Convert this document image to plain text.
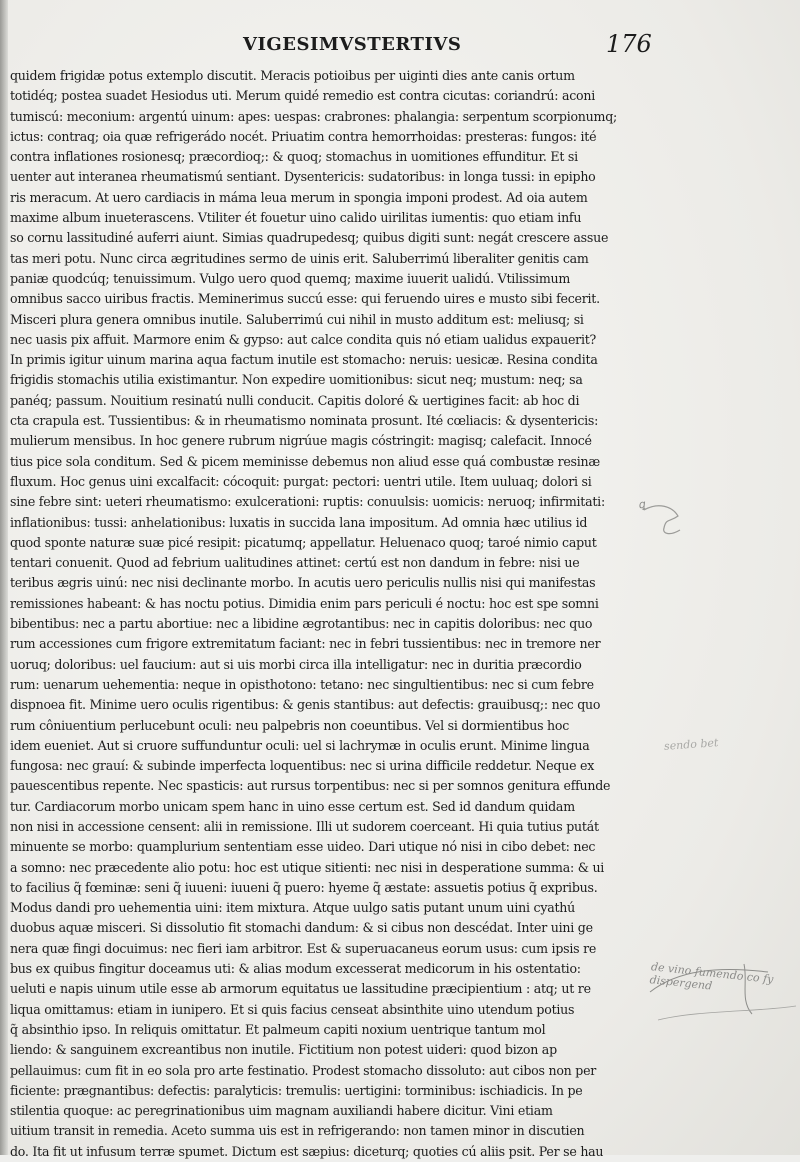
VIGESIMVSTERTIVS	176
quidem frigidæ potus extemplo discutit. Meracis potioibus per uiginti dies ante canis ortum
totidéq; postea suadet Hesiodus uti. Merum quidé remedio est contra cicutas: coriandrú: aconi
tumiscú: meconium: argentú uinum: apes: uespas: crabrones: phalangia: serpentum scorpionumq;
ictus: contraq; oia quæ refrigerádo nocét. Priuatim contra hemorrhoidas: presteras: fungos: ité
contra inflationes rosionesq; præcordioq;: & quoq; stomachus in uomitiones effunditur. Et si
uenter aut interanea rheumatismú sentiant. Dysentericis: sudatoribus: in longa tussi: in epipho
ris meracum. At uero cardiacis in máma leua merum in spongia imponi prodest. Ad oia autem
maxime album inueterascens. Vtiliter ét fouetur uino calido uirilitas iumentis: quo etiam infu
so cornu lassitudiné auferri aiunt. Simias quadrupedesq; quibus digiti sunt: negát crescere assue
tas meri potu. Nunc circa ægritudines sermo de uinis erit. Saluberrimú liberaliter genitis cam
paniæ quodcúq; tenuissimum. Vulgo uero quod quemq; maxime iuuerit ualidú. Vtilissimum
omnibus sacco uiribus fractis. Meminerimus succú esse: qui feruendo uires e musto sibi fecerit.
Misceri plura genera omnibus inutile. Saluberrimú cui nihil in musto additum est: meliusq; si
nec uasis pix affuit. Marmore enim & gypso: aut calce condita quis nó etiam ualidus expauerit?
In primis igitur uinum marina aqua factum inutile est stomacho: neruis: uesicæ. Resina condita
frigidis stomachis utilia existimantur. Non expedire uomitionibus: sicut neq; mustum: neq; sa
panéq; passum. Nouitium resinatú nulli conducit. Capitis doloré & uertigines facit: ab hoc di
cta crapula est. Tussientibus: & in rheumatismo nominata prosunt. Ité cœliacis: & dysentericis:
mulierum mensibus. In hoc genere rubrum nigrúue magis cóstringit: magisq; calefacit. Innocé
tius pice sola conditum. Sed & picem meminisse debemus non aliud esse quá combustæ resinæ
fluxum. Hoc genus uini excalfacit: cócoquit: purgat: pectori: uentri utile. Item uuluaq; dolori si
sine febre sint: ueteri rheumatismo: exulcerationi: ruptis: conuulsis: uomicis: neruoq; infirmitati:
inflationibus: tussi: anhelationibus: luxatis in succida lana impositum. Ad omnia hæc utilius id
quod sponte naturæ suæ picé resipit: picatumq; appellatur. Heluenaco quoq; taroé nimio caput
tentari conuenit. Quod ad febrium ualitudines attinet: certú est non dandum in febre: nisi ue
teribus ægris uinú: nec nisi declinante morbo. In acutis uero periculis nullis nisi qui manifestas
remissiones habeant: & has noctu potius. Dimidia enim pars periculi é noctu: hoc est spe somni
bibentibus: nec a partu abortiue: nec a libidine ægrotantibus: nec in capitis doloribus: nec quo
rum accessiones cum frigore extremitatum faciant: nec in febri tussientibus: nec in tremore ner
uoruq; doloribus: uel faucium: aut si uis morbi circa illa intelligatur: nec in duritia præcordio
rum: uenarum uehementia: neque in opisthotono: tetano: nec singultientibus: nec si cum febre
dispnoea fit. Minime uero oculis rigentibus: & genis stantibus: aut defectis: grauibusq;: nec quo
rum côniuentium perlucebunt oculi: neu palpebris non coeuntibus. Vel si dormientibus hoc
idem eueniet. Aut si cruore suffunduntur oculi: uel si lachrymæ in oculis erunt. Minime lingua
fungosa: nec grauí: & subinde imperfecta loquentibus: nec si urina difficile reddetur. Neque ex
pauescentibus repente. Nec spasticis: aut rursus torpentibus: nec si per somnos genitura effunde
tur. Cardiacorum morbo unicam spem hanc in uino esse certum est. Sed id dandum quidam
non nisi in accessione censent: alii in remissione. Illi ut sudorem coerceant. Hi quia tutius putát
minuente se morbo: quamplurium sententiam esse uideo. Dari utique nó nisi in cibo debet: nec
a somno: nec præcedente alio potu: hoc est utique sitienti: nec nisi in desperatione summa: & ui
to facilius q̃ fœminæ: seni q̃ iuueni: iuueni q̃ puero: hyeme q̃ æstate: assuetis potius q̃ expribus.
Modus dandi pro uehementia uini: item mixtura. Atque uulgo satis putant unum uini cyathú
duobus aquæ misceri. Si dissolutio fit stomachi dandum: & si cibus non descédat. Inter uini ge
nera quæ fingi docuimus: nec fieri iam arbitror. Est & superuacaneus eorum usus: cum ipsis re
bus ex quibus fingitur doceamus uti: & alias modum excesserat medicorum in his ostentatio:
ueluti e napis uinum utile esse ab armorum equitatus ue lassitudine præcipientium : atq; ut re
liqua omittamus: etiam in iunipero. Et si quis facius censeat absinthite uino utendum potius
q̃ absinthio ipso. In reliquis omittatur. Et palmeum capiti noxium uentrique tantum mol
liendo: & sanguinem excreantibus non inutile. Fictitium non potest uideri: quod bizon ap
pellauimus: cum fit in eo sola pro arte festinatio. Prodest stomacho dissoluto: aut cibos non per
ficiente: prægnantibus: defectis: paralyticis: tremulis: uertigini: torminibus: ischiadicis. In pe
stilentia quoque: ac peregrinationibus uim magnam auxiliandi habere dicitur. Vini etiam
uitium transit in remedia. Aceto summa uis est in refrigerando: non tamen minor in discutien
do. Ita fit ut infusum terræ spumet. Dictum est sæpius: diceturq; quoties cú aliis psit. Per se hau
ꝗ
sendo bet
de vino fumendo co fy dispergend
